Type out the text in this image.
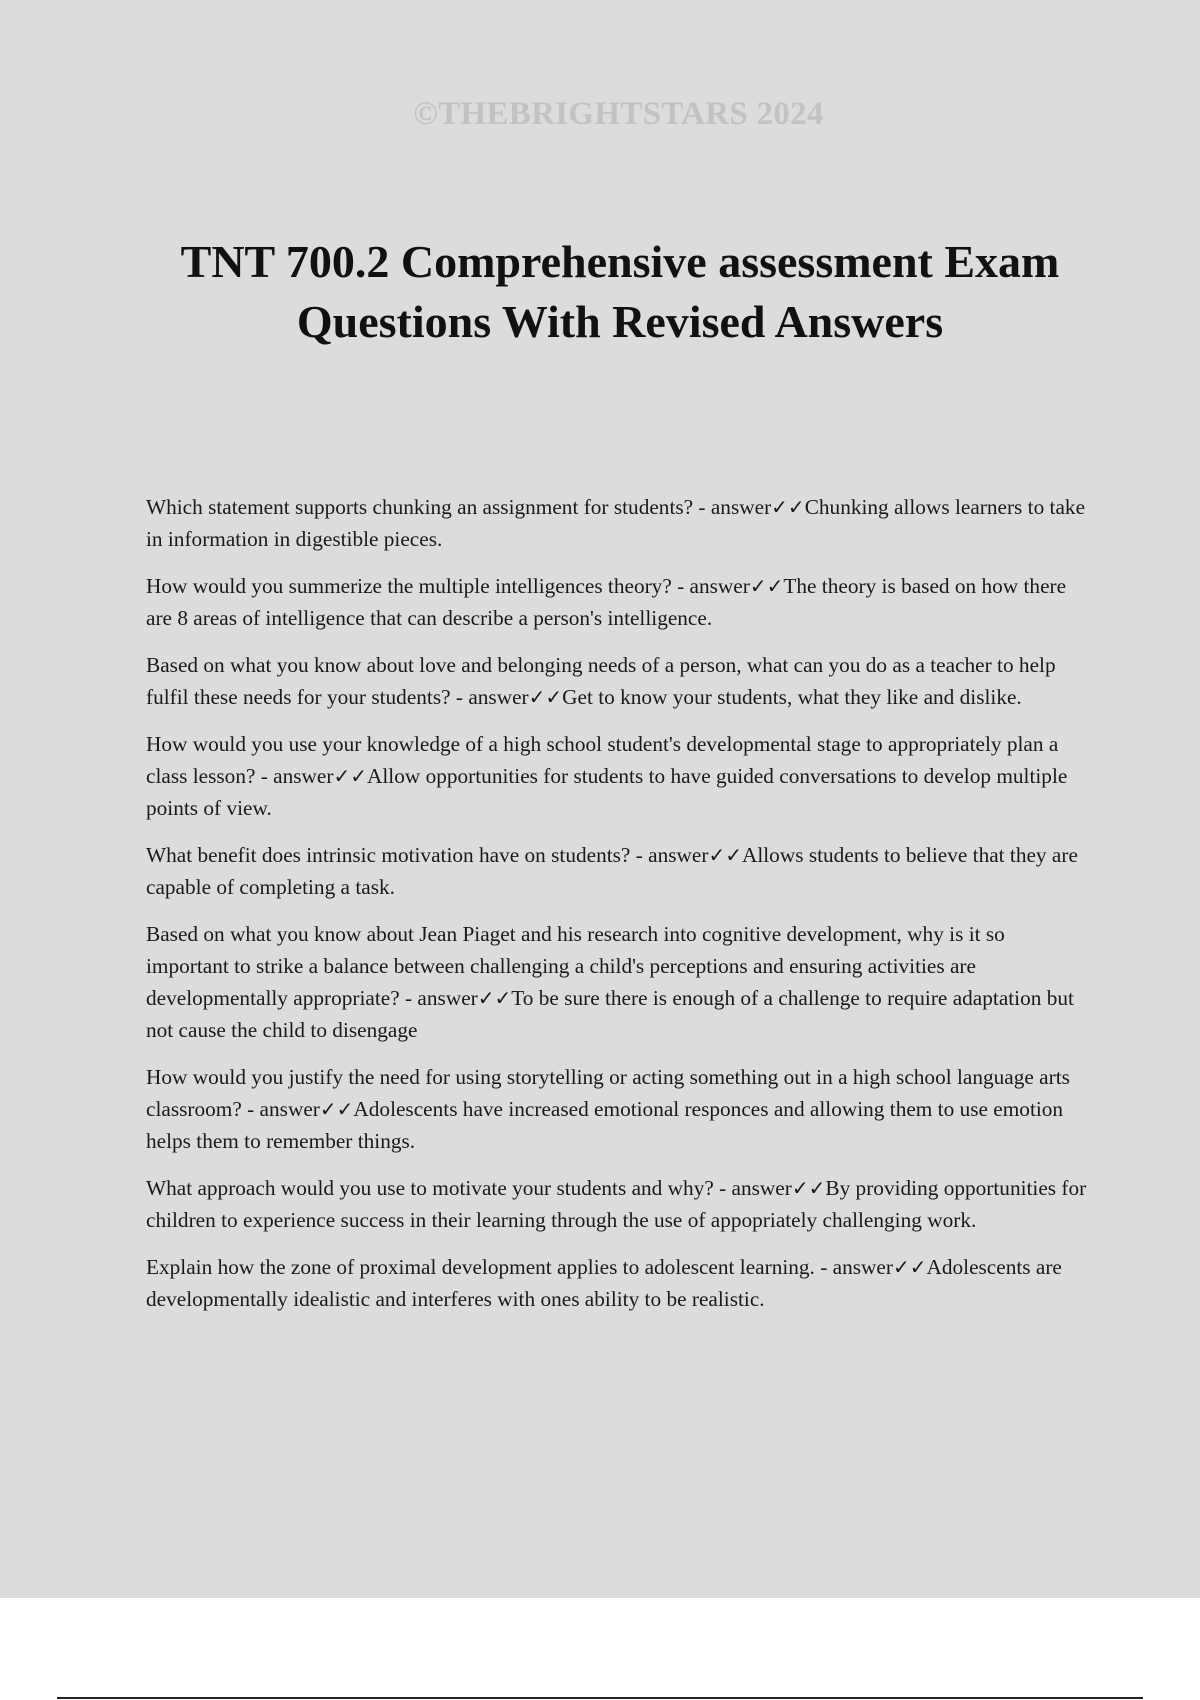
©THEBRIGHTSTARS 2024
TNT 700.2 Comprehensive assessment Exam
Questions With Revised Answers
Which statement supports chunking an assignment for students? - answer✓✓Chunking allows learners to take in information in digestible pieces.
How would you summerize the multiple intelligences theory? - answer✓✓The theory is based on how there are 8 areas of intelligence that can describe a person's intelligence.
Based on what you know about love and belonging needs of a person, what can you do as a teacher to help fulfil these needs for your students? - answer✓✓Get to know your students, what they like and dislike.
How would you use your knowledge of a high school student's developmental stage to appropriately plan a class lesson? - answer✓✓Allow opportunities for students to have guided conversations to develop multiple points of view.
What benefit does intrinsic motivation have on students? - answer✓✓Allows students to believe that they are capable of completing a task.
Based on what you know about Jean Piaget and his research into cognitive development, why is it so important to strike a balance between challenging a child's perceptions and ensuring activities are developmentally appropriate? - answer✓✓To be sure there is enough of a challenge to require adaptation but not cause the child to disengage
How would you justify the need for using storytelling or acting something out in a high school language arts classroom? - answer✓✓Adolescents have increased emotional responces and allowing them to use emotion helps them to remember things.
What approach would you use to motivate your students and why? - answer✓✓By providing opportunities for children to experience success in their learning through the use of appopriately challenging work.
Explain how the zone of proximal development applies to adolescent learning. - answer✓✓Adolescents are developmentally idealistic and interferes with ones ability to be realistic.
